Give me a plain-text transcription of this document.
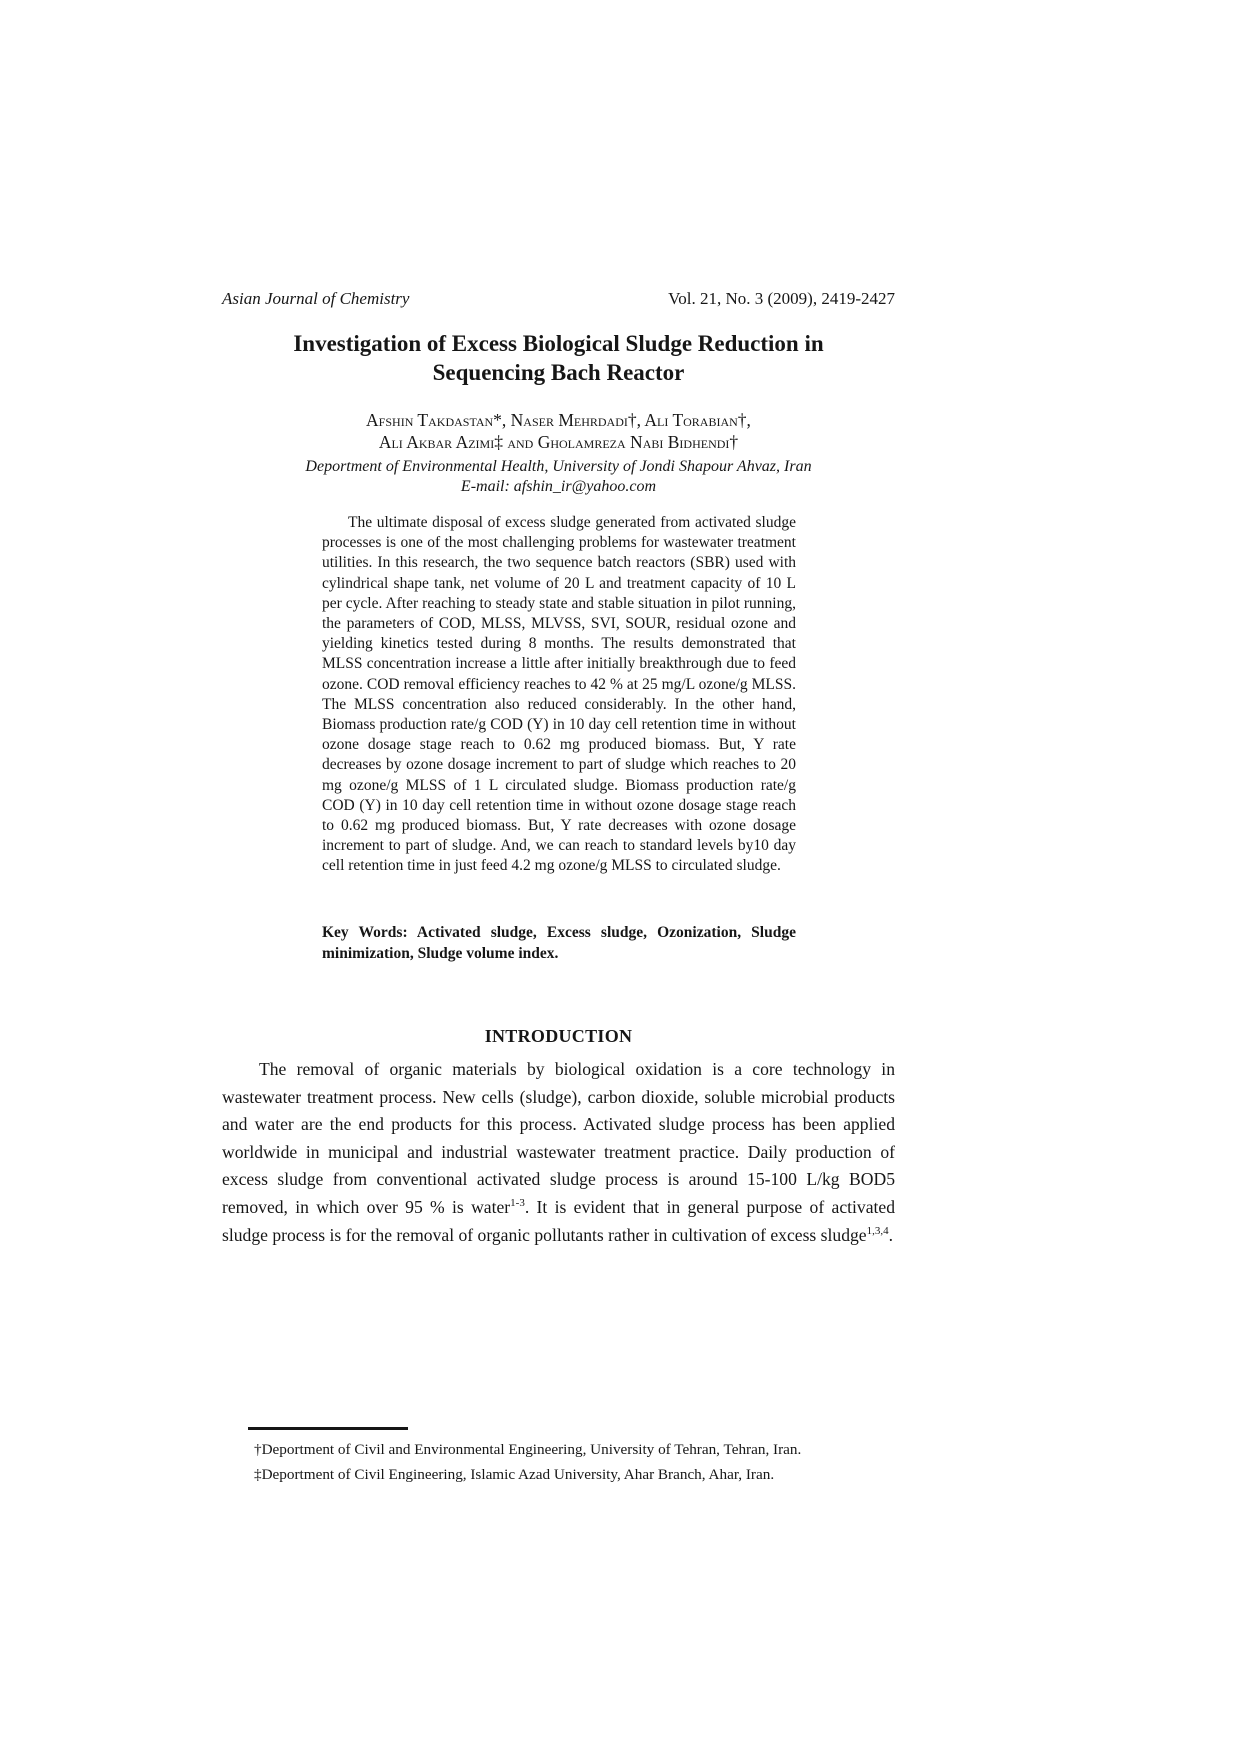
Asian Journal of Chemistry	Vol. 21, No. 3 (2009), 2419-2427
Investigation of Excess Biological Sludge Reduction in
Sequencing Bach Reactor
Afshin Takdastan*, Naser Mehrdadi†, Ali Torabian†,
Ali Akbar Azimi‡ and Gholamreza Nabi Bidhendi†
Deportment of Environmental Health, University of Jondi Shapour Ahvaz, Iran
E-mail: afshin_ir@yahoo.com

The ultimate disposal of excess sludge generated from activated sludge processes is one of the most challenging problems for wastewater treatment utilities. In this research, the two sequence batch reactors (SBR) used with cylindrical shape tank, net volume of 20 L and treatment capacity of 10 L per cycle. After reaching to steady state and stable situation in pilot running, the parameters of COD, MLSS, MLVSS, SVI, SOUR, residual ozone and yielding kinetics tested during 8 months. The results demonstrated that MLSS concentration increase a little after initially breakthrough due to feed ozone. COD removal efficiency reaches to 42 % at 25 mg/L ozone/g MLSS. The MLSS concentration also reduced considerably. In the other hand, Biomass production rate/g COD (Y) in 10 day cell retention time in without ozone dosage stage reach to 0.62 mg produced biomass. But, Y rate decreases by ozone dosage increment to part of sludge which reaches to 20 mg ozone/g MLSS of 1 L circulated sludge. Biomass production rate/g COD (Y) in 10 day cell retention time in without ozone dosage stage reach to 0.62 mg produced biomass. But, Y rate decreases with ozone dosage increment to part of sludge. And, we can reach to standard levels by10 day cell retention time in just feed 4.2 mg ozone/g MLSS to circulated sludge.

Key Words: Activated sludge, Excess sludge, Ozonization, Sludge minimization, Sludge volume index.

INTRODUCTION

The removal of organic materials by biological oxidation is a core technology in wastewater treatment process. New cells (sludge), carbon dioxide, soluble microbial products and water are the end products for this process. Activated sludge process has been applied worldwide in municipal and industrial wastewater treatment practice. Daily production of excess sludge from conventional activated sludge process is around 15-100 L/kg BOD5 removed, in which over 95 % is water$^{1-3}$. It is evident that in general purpose of activated sludge process is for the removal of organic pollutants rather in cultivation of excess sludge$^{1,3,4}$.

†Deportment of Civil and Environmental Engineering, University of Tehran, Tehran, Iran.
‡Deportment of Civil Engineering, Islamic Azad University, Ahar Branch, Ahar, Iran.
